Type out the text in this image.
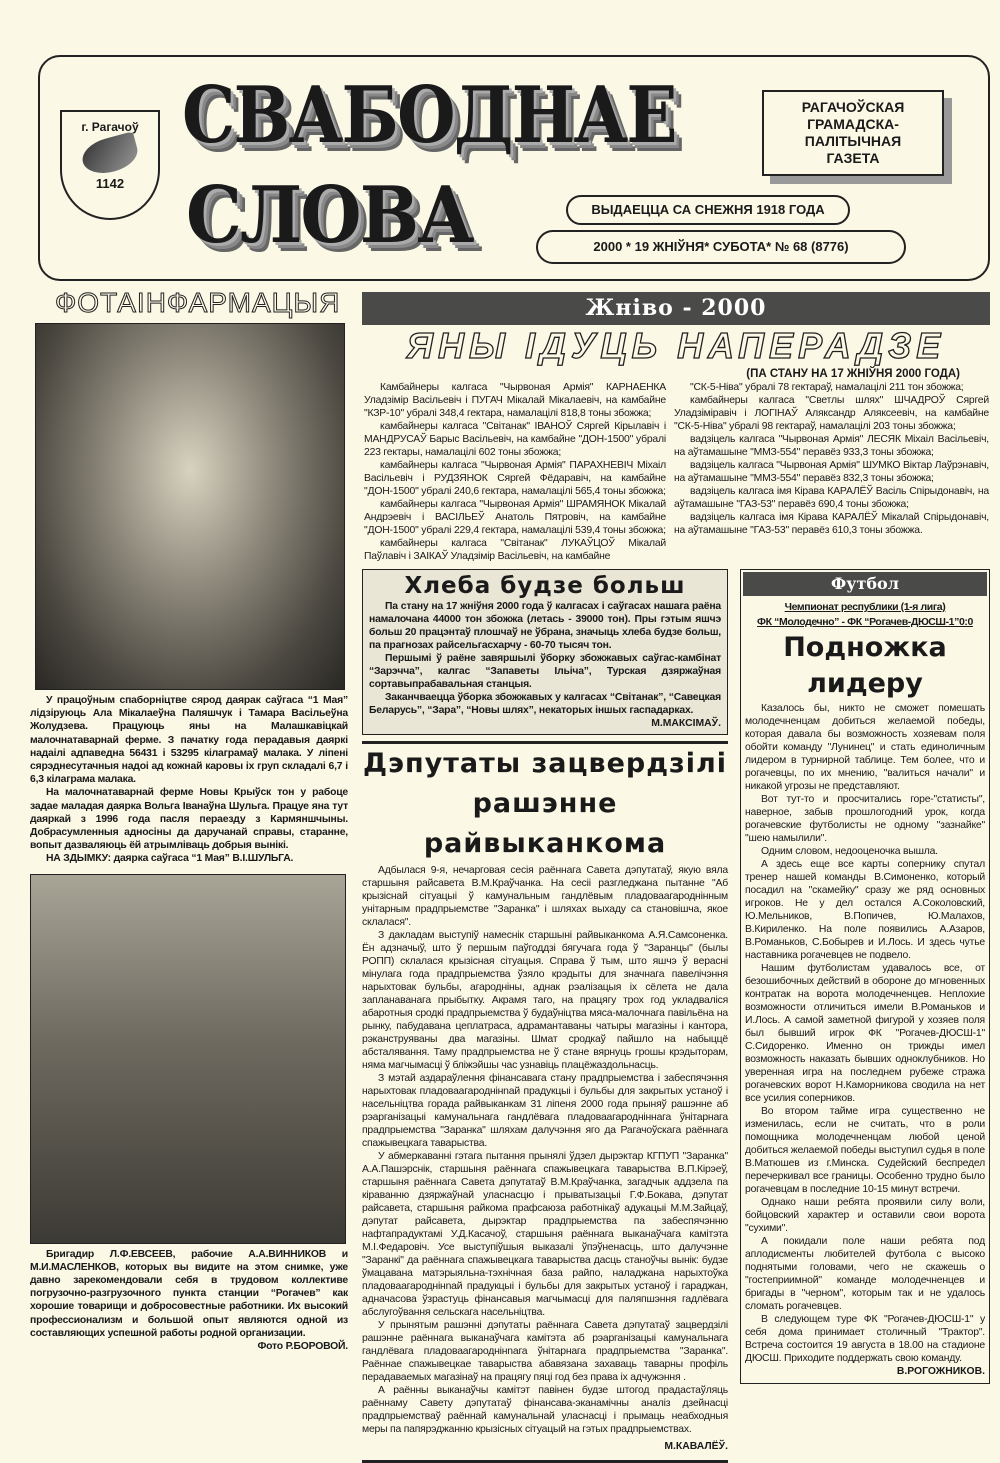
г. Рагачоў
1142
СВАБОДНАЕ
СЛОВА
РАГАЧОЎСКАЯ
ГРАМАДСКА-
ПАЛІТЫЧНАЯ
ГАЗЕТА
ВЫДАЕЦЦА СА СНЕЖНЯ 1918 ГОДА
2000 * 19 ЖНІЎНЯ* СУБОТА* № 68 (8776)
ФОТАІНФАРМАЦЫЯ

У працоўным спаборніцтве сярод даярак саўгаса “1 Мая” лідзіруюць Ала Мікалаеўна Паляшчук і Тамара Васільеўна Жолудзева. Працуюць яны на Малашкавіцкай малочнатаварнай ферме. З пачатку года перадавыя даяркі надаілі адпаведна 56431 і 53295 кілаграмаў малака. У ліпені сярэднесутачныя надоі ад кожнай каровы іх груп складалі 6,7 і 6,3 кілаграма малака.

На малочнатаварнай ферме Новы Крыўск тон у рабоце задае маладая даярка Вольга Іванаўна Шульга. Працуе яна тут даяркай з 1996 года пасля пераезду з Кармяншчыны. Добрасумленныя адносіны да даручанай справы, старанне, вопыт дазваляюць ёй атрымліваць добрыя вынікі.

НА ЗДЫМКУ: даярка саўгаса “1 Мая” В.І.ШУЛЬГА.

Бригадир Л.Ф.ЕВСЕЕВ, рабочие А.А.ВИННИКОВ и М.И.МАСЛЕНКОВ, которых вы видите на этом снимке, уже давно зарекомендовали себя в трудовом коллективе погрузочно-разгрузочного пункта станции “Рогачев” как хорошие товарищи и добросовестные работники. Их высокий профессионализм и большой опыт являются одной из составляющих успешной работы родной организации.

Фото Р.БОРОВОЙ.
Жніво - 2000
ЯНЫ ІДУЦЬ НАПЕРАДЗЕ
(ПА СТАНУ НА 17 ЖНІЎНЯ 2000 ГОДА)

Камбайнеры калгаса "Чырвоная Армія" КАРНАЕНКА Уладзімір Васільевіч і ПУГАЧ Мікалай Мікалаевіч, на камбайне "КЗР-10" убралі 348,4 гектара, намалацілі 818,8 тоны збожжа;

камбайнеры калгаса "Світанак" ІВАНОЎ Сяргей Кірылавіч і МАНДРУСАЎ Барыс Васільевіч, на камбайне "ДОН-1500" убралі 223 гектары, намалацілі 602 тоны збожжа;

камбайнеры калгаса "Чырвоная Армія" ПАРАХНЕВІЧ Міхаіл Васільевіч і РУДЗЯНОК Сяргей Фёдаравіч, на камбайне "ДОН-1500" убралі 240,6 гектара, намалацілі 565,4 тоны збожжа;

камбайнеры калгаса "Чырвоная Армія" ШРАМЯНОК Мікалай Андрэевіч і ВАСІЛЬЕЎ Анатоль Пятровіч, на камбайне "ДОН-1500" убралі 229,4 гектара, намалацілі 539,4 тоны збожжа;

камбайнеры калгаса "Світанак" ЛУКАЎЦОЎ Мікалай Паўлавіч і ЗАІКАЎ Уладзімір Васільевіч, на камбайне

"СК-5-Ніва" убралі 78 гектараў, намалацілі 211 тон збожжа;

камбайнеры калгаса "Светлы шлях" ШЧАДРОЎ Сяргей Уладзіміравіч і ЛОГІНАЎ Аляксандр Аляксеевіч, на камбайне "СК-5-Ніва" убралі 98 гектараў, намалацілі 203 тоны збожжа;

вадзіцель калгаса "Чырвоная Армія" ЛЕСЯК Міхаіл Васільевіч, на аўтамашыне "ММЗ-554" перавёз 933,3 тоны збожжа;

вадзіцель калгаса "Чырвоная Армія" ШУМКО Віктар Лаўрэнавіч, на аўтамашыне "ММЗ-554" перавёз 832,3 тоны збожжа;

вадзіцель калгаса імя Кірава КАРАЛЁЎ Васіль Спірыдонавіч, на аўтамашыне "ГАЗ-53" перавёз 690,4 тоны збожжа;

вадзіцель калгаса імя Кірава КАРАЛЁЎ Мікалай Спірыдонавіч, на аўтамашыне "ГАЗ-53" перавёз 610,3 тоны збожжа.

Хлеба будзе больш

Па стану на 17 жніўня 2000 года ў калгасах і саўгасах нашага раёна намалочана 44000 тон збожжа (летась - 39000 тон). Пры гэтым яшчэ больш 20 працэнтаў плошчаў не ўбрана, значыць хлеба будзе больш, па прагнозах райсельгасхарчу - 60-70 тысяч тон.

Першымі ў раёне завяршылі ўборку збожжавых саўгас-камбінат “Зарэчча”, калгас “Запаветы Ільіча”, Турская дзяржаўная сортавыпрабавальная станцыя.

Заканчваецца ўборка збожжавых у калгасах “Світанак”, “Савецкая Беларусь”, “Зара”, “Новы шлях”, некаторых іншых гаспадарках.

М.МАКСІМАЎ.
Дэпутаты зацвердзілі
рашэнне райвыканкома

Адбылася 9-я, нечарговая сесія раённага Савета дэпутатаў, якую вяла старшыня райсавета В.М.Краўчанка. На сесіі разгледжана пытанне "Аб крызіснай сітуацыі ў камунальным гандлёвым пладоваагароднінным унітарным прадпрыемстве "Заранка" і шляхах выхаду са становішча, якое склалася".

З дакладам выступіў намеснік старшыні райвыканкома А.Я.Самсоненка. Ён адзначыў, што ў першым паўгоддзі бягучага года ў "Заранцы" (былы РОПП) склалася крызісная сітуацыя. Справа ў тым, што яшчэ ў верасні мінулага года прадпрыемства ўзяло крэдыты для значнага павелічэння нарыхтовак бульбы, агародніны, аднак рэалізацыя іх сёлета не дала запланаванага прыбытку. Акрамя таго, на працягу трох год укладваліся абаротныя сродкі прадпрыемства ў будаўніцтва мяса-малочнага павільёна на рынку, пабудавана цеплатраса, адрамантаваны чатыры магазіны і кантора, рэканструяваны два магазіны. Шмат сродкаў пайшло на набыццё абсталявання. Таму прадпрыемства не ў стане вярнуць грошы крэдыторам, няма магчымасці ў бліжэйшы час узнавіць плацёжаздольнасць.

З мэтай аздараўлення фінансавага стану прадпрыемства і забеспячэння нарыхтовак пладоваагароднінnай прадукцыі і бульбы для закрытых устаноў і насельніцтва горада райвыканкам 31 ліпеня 2000 года прыняў рашэнне аб рэарганізацыі камунальнага гандлёвага пладоваагародніннага ўнітарнага прадпрыемства "Заранка" шляхам далучэння яго да Рагачоўскага раённага спажывецкага таварыства.

У абмеркаванні гэтага пытання прынялі ўдзел дырэктар КГПУП "Заранка" А.А.Пашэрснік, старшыня раённага спажывецкага таварыства В.П.Кірэеў, старшыня раённага Савета дэпутатаў В.М.Краўчанка, загадчык аддзела па кіраванню дзяржаўнай уласнасцю і прыватызацыі Г.Ф.Бокава, дэпутат райсавета, старшыня райкома прафсаюза работнікаў адукацыі М.М.Зайцаў, дэпутат райсавета, дырэктар прадпрыемства па забеспячэнню нафтапрадуктамі У.Д.Касачоў, старшыня раённага выканаўчага камітэта М.І.Федаровіч. Усе выступіўшыя выказалі ўпэўненасць, што далучэнне "Заранкі" да раённага спажывецкага таварыства дасць станоўчы вынік: будзе ўмацавана матэрыяльна-тэхнічная база райпо, наладжана нарыхтоўка пладоваагароднінnай прадукцыі і бульбы для закрытых устаноў і гараджан, адначасова ўзрастуць фінансавыя магчымасці для паляпшэння гадлёвага абслугоўвання сельскага насельніцтва.

У прынятым рашэнні дэпутаты раённага Савета дэпутатаў зацвердзілі рашэнне раённага выканаўчага камітэта аб рэарганізацыі камунальнага гандлёвага пладоваагароднінnага ўнітарнага прадпрыемства "Заранка". Раённае спажывецкае таварыства абавязана захаваць таварны профіль перадаваемых магазінаў на працягу пяці год без права іх адчужэння .

А раённы выканаўчы камітэт павінен будзе штогод прадастаўляць раённаму Савету дэпутатаў фінансава-эканамічны аналіз дзейнасці прадпрыемстваў раённай камунальнай уласнасці і прымаць неабходныя меры па папярэджанню крызісных сітуацый на гэтых прадпрыемствах.

М.КАВАЛЁЎ.
Футбол
Чемпионат республики (1-я лига)
ФК “Молодечно” - ФК “Рогачев-ДЮСШ-1”0:0
Подножка
лидеру

Казалось бы, никто не сможет помешать молодечненцам добиться желаемой победы, которая давала бы возможность хозяевам поля обойти команду "Лунинец" и стать единоличным лидером в турнирной таблице. Тем более, что и рогачевцы, по их мнению, "валиться начали" и никакой угрозы не представляют.

Вот тут-то и просчитались горе-"статисты", наверное, забыв прошлогодний урок, когда рогачевские футболисты не одному "зазнайке" "шею намылили".

Одним словом, недооценочка вышла.

А здесь еще все карты сопернику спутал тренер нашей команды В.Симоненко, который посадил на "скамейку" сразу же ряд основных игроков. Не у дел остался А.Соколовский, Ю.Мельников, В.Попичев, Ю.Малахов, В.Кириленко. На поле появились А.Азаров, В.Романьков, С.Бобырев и И.Лось. И здесь чутье наставника рогачевцев не подвело.

Нашим футболистам удавалось все, от безошибочных действий в обороне до мгновенных контратак на ворота молодечненцев. Неплохие возможности отличиться имели В.Романьков и И.Лось. А самой заметной фигурой у хозяев поля был бывший игрок ФК "Рогачев-ДЮСШ-1" С.Сидоренко. Именно он трижды имел возможность наказать бывших одноклубников. Но уверенная игра на последнем рубеже стража рогачевских ворот Н.Каморникова сводила на нет все усилия соперников.

Во втором тайме игра существенно не изменилась, если не считать, что в роли помощника молодечненцам любой ценой добиться желаемой победы выступил судья в поле В.Матюшев из г.Минска. Судейский беспредел перечеркивал все границы. Особенно трудно было рогачевцам в последние 10-15 минут встречи.

Однако наши ребята проявили силу воли, бойцовский характер и оставили свои ворота "сухими".

А покидали поле наши ребята под аплодисменты любителей футбола с высоко поднятыми головами, чего не скажешь о "гостеприимной" команде молодечненцев и бригады в "черном", которым так и не удалось сломать рогачевцев.

В следующем туре ФК "Рогачев-ДЮСШ-1" у себя дома принимает столичный "Трактор". Встреча состоится 19 августа в 18.00 на стадионе ДЮСШ. Приходите поддержать свою команду.

В.РОГОЖНИКОВ.
